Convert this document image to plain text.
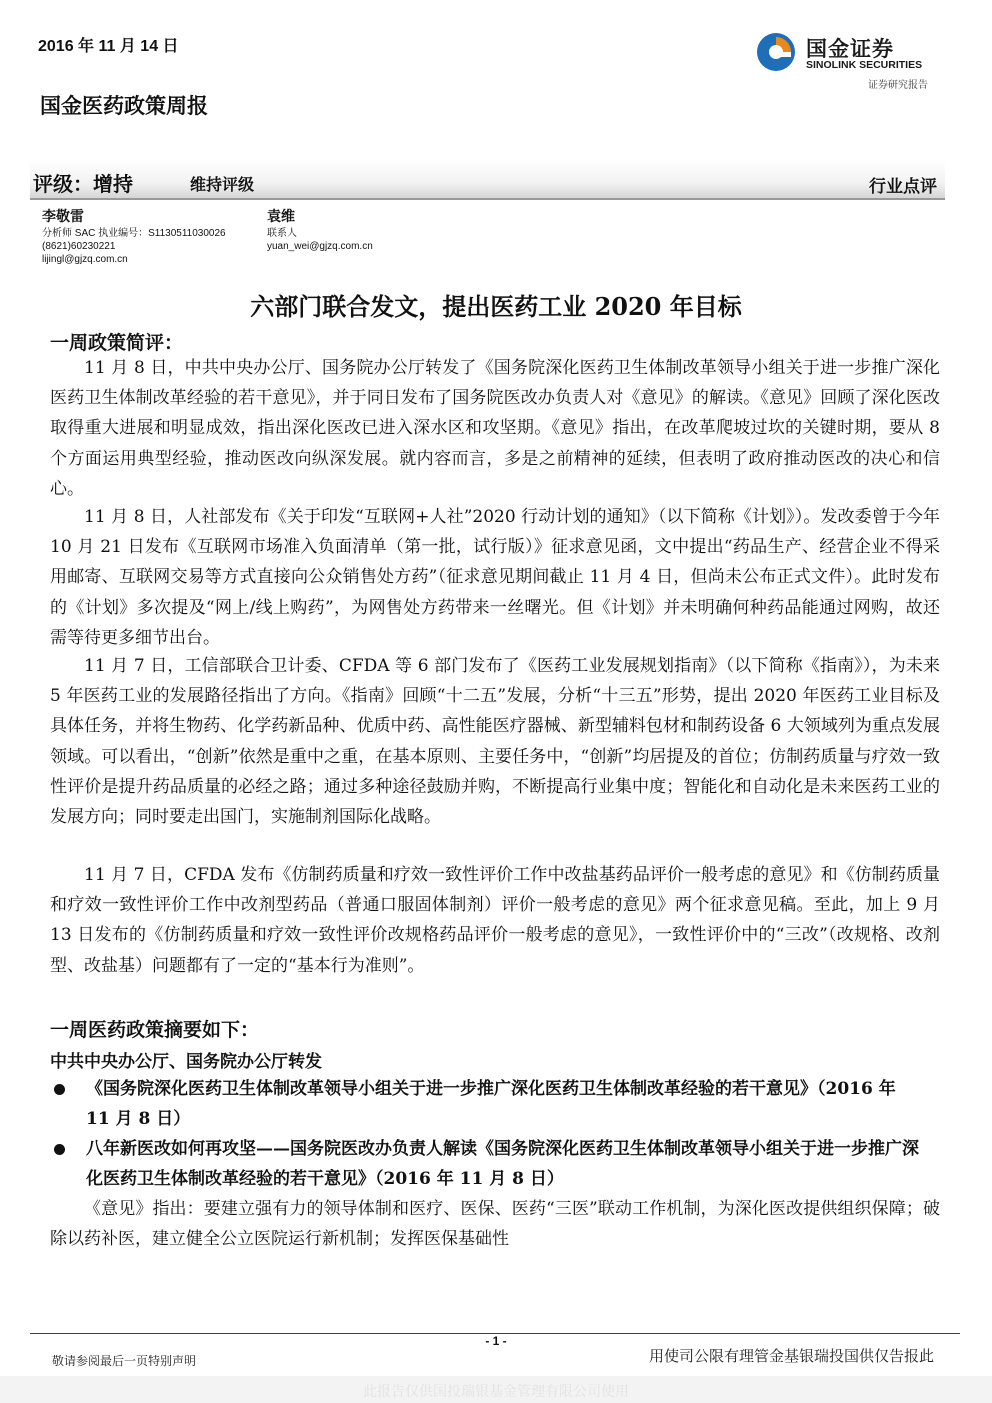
2016 年 11 月 14 日	国金证券
SINOLINK SECURITIES
证券研究报告
国金医药政策周报
评级：增持	维持评级	行业点评
李敬雷
分析师 SAC 执业编号：S1130511030026
(8621)60230221
lijingl@gjzq.com.cn
袁维
联系人
yuan_wei@gjzq.com.cn
六部门联合发文，提出医药工业 2020 年目标
一周政策简评：

11 月 8 日，中共中央办公厅、国务院办公厅转发了《国务院深化医药卫生体制改革领导小组关于进一步推广深化医药卫生体制改革经验的若干意见》，并于同日发布了国务院医改办负责人对《意见》的解读。《意见》回顾了深化医改取得重大进展和明显成效，指出深化医改已进入深水区和攻坚期。《意见》指出，在改革爬坡过坎的关键时期，要从 8 个方面运用典型经验，推动医改向纵深发展。就内容而言，多是之前精神的延续，但表明了政府推动医改的决心和信心。

11 月 8 日，人社部发布《关于印发“互联网+人社”2020 行动计划的通知》（以下简称《计划》）。发改委曾于今年 10 月 21 日发布《互联网市场准入负面清单（第一批，试行版）》征求意见函，文中提出“药品生产、经营企业不得采用邮寄、互联网交易等方式直接向公众销售处方药”（征求意见期间截止 11 月 4 日，但尚未公布正式文件）。此时发布的《计划》多次提及“网上/线上购药”，为网售处方药带来一丝曙光。但《计划》并未明确何种药品能通过网购，故还需等待更多细节出台。

11 月 7 日，工信部联合卫计委、CFDA 等 6 部门发布了《医药工业发展规划指南》（以下简称《指南》），为未来 5 年医药工业的发展路径指出了方向。《指南》回顾“十二五”发展，分析“十三五”形势，提出 2020 年医药工业目标及具体任务，并将生物药、化学药新品种、优质中药、高性能医疗器械、新型辅料包材和制药设备 6 大领域列为重点发展领域。可以看出，“创新”依然是重中之重，在基本原则、主要任务中，“创新”均居提及的首位；仿制药质量与疗效一致性评价是提升药品质量的必经之路；通过多种途径鼓励并购，不断提高行业集中度；智能化和自动化是未来医药工业的发展方向；同时要走出国门，实施制剂国际化战略。

11 月 7 日，CFDA 发布《仿制药质量和疗效一致性评价工作中改盐基药品评价一般考虑的意见》和《仿制药质量和疗效一致性评价工作中改剂型药品（普通口服固体制剂）评价一般考虑的意见》两个征求意见稿。至此，加上 9 月 13 日发布的《仿制药质量和疗效一致性评价改规格药品评价一般考虑的意见》，一致性评价中的“三改”（改规格、改剂型、改盐基）问题都有了一定的“基本行为准则”。

一周医药政策摘要如下：
中共中央办公厅、国务院办公厅转发
《国务院深化医药卫生体制改革领导小组关于进一步推广深化医药卫生体制改革经验的若干意见》（2016 年 11 月 8 日）
八年新医改如何再攻坚——国务院医改办负责人解读《国务院深化医药卫生体制改革领导小组关于进一步推广深化医药卫生体制改革经验的若干意见》（2016 年 11 月 8 日）

《意见》指出：要建立强有力的领导体制和医疗、医保、医药“三医”联动工作机制，为深化医改提供组织保障；破除以药补医，建立健全公立医院运行新机制；发挥医保基础性

- 1 -
敬请参阅最后一页特别声明	用使司公限有理管金基银瑞投国供仅告报此
此报告仅供国投瑞银基金管理有限公司使用
